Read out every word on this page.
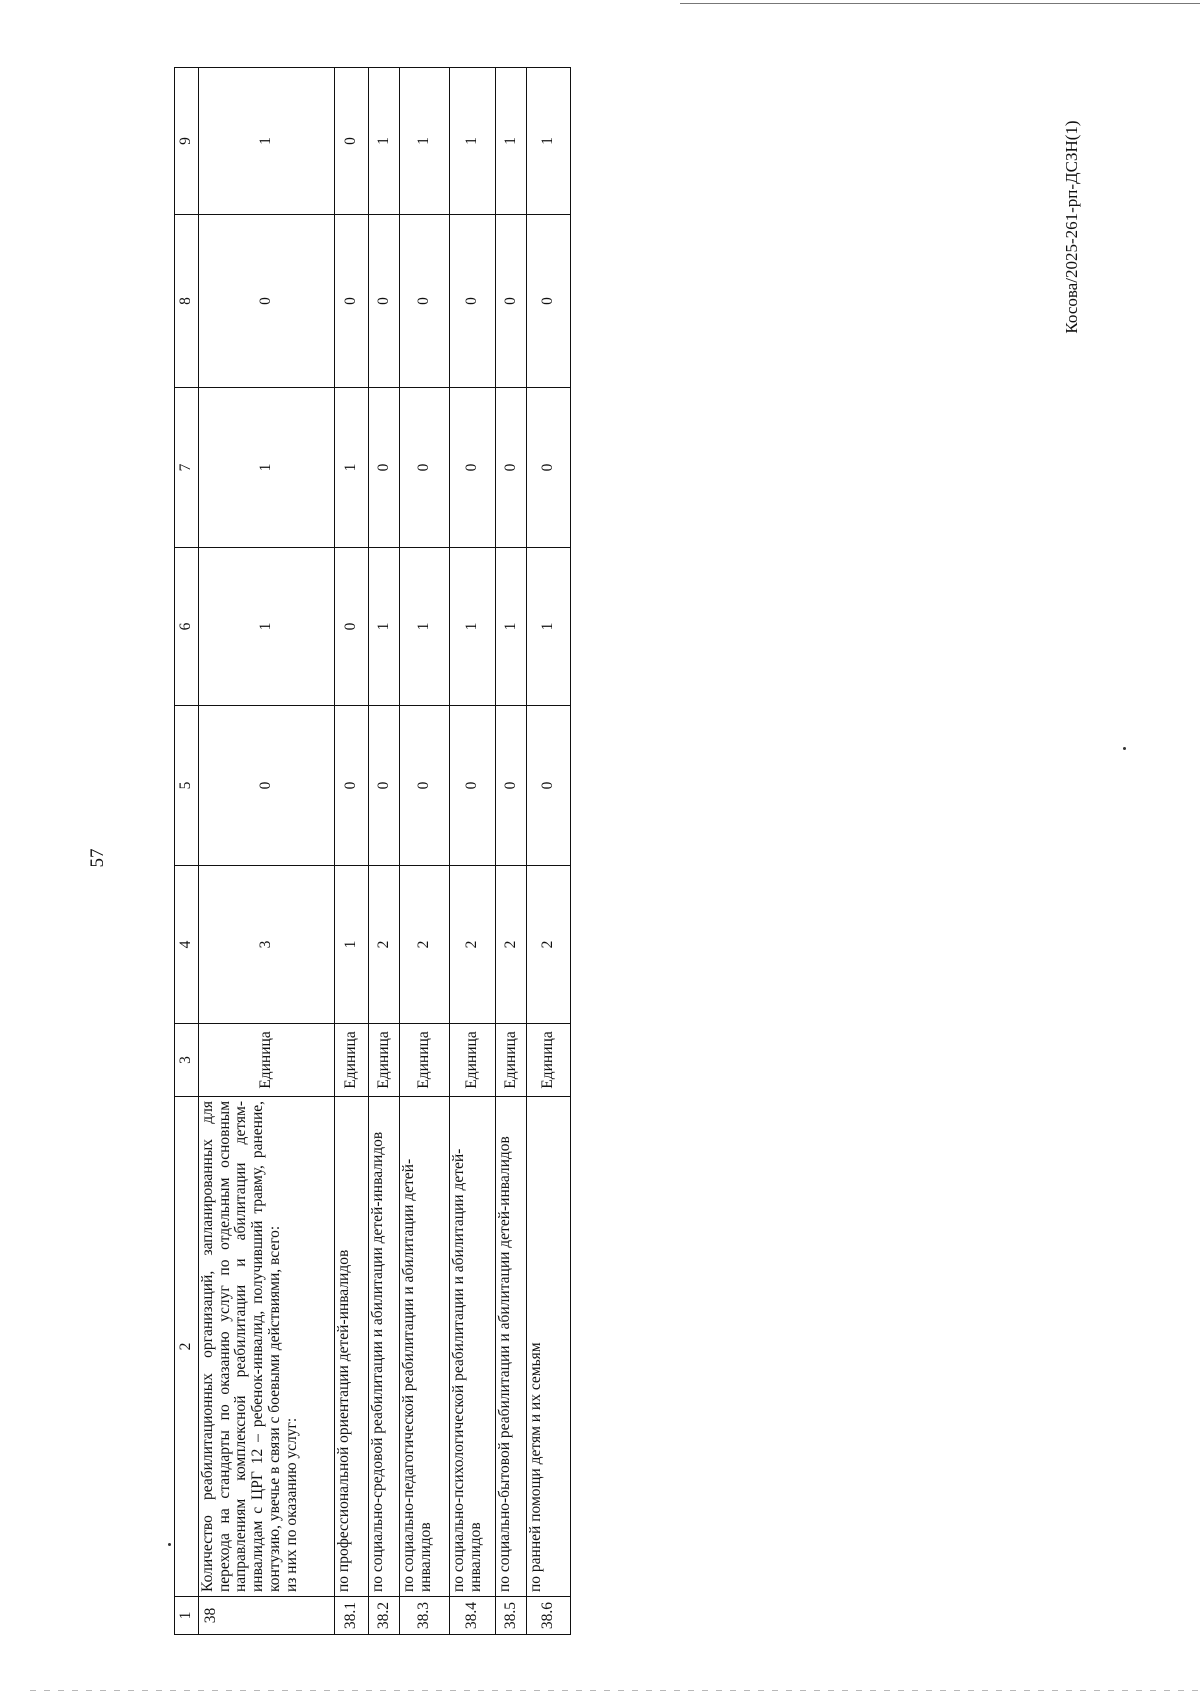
57
Косова/2025-261-рп-ДСЗН(1)
1	2	3	4	5	6	7	8	9
38	Количество реабилитационных организаций, запланированных для перехода на стандарты по оказанию услуг по отдельным основным направлениям комплексной реабилитации и абилитации детям-инвалидам с ЦРГ 12 – ребенок-инвалид, получивший травму, ранение, контузию, увечье в связи с боевыми действиями, всего: из них по оказанию услуг:	Единица	3	0	1	1	0	1
38.1	по профессиональной ориентации детей-инвалидов	Единица	1	0	0	1	0	0
38.2	по социально-средовой реабилитации и абилитации детей-инвалидов	Единица	2	0	1	0	0	1
38.3	по социально-педагогической реабилитации и абилитации детей-инвалидов	Единица	2	0	1	0	0	1
38.4	по социально-психологической реабилитации и абилитации детей-инвалидов	Единица	2	0	1	0	0	1
38.5	по социально-бытовой реабилитации и абилитации детей-инвалидов	Единица	2	0	1	0	0	1
38.6	по ранней помощи детям и их семьям	Единица	2	0	1	0	0	1
